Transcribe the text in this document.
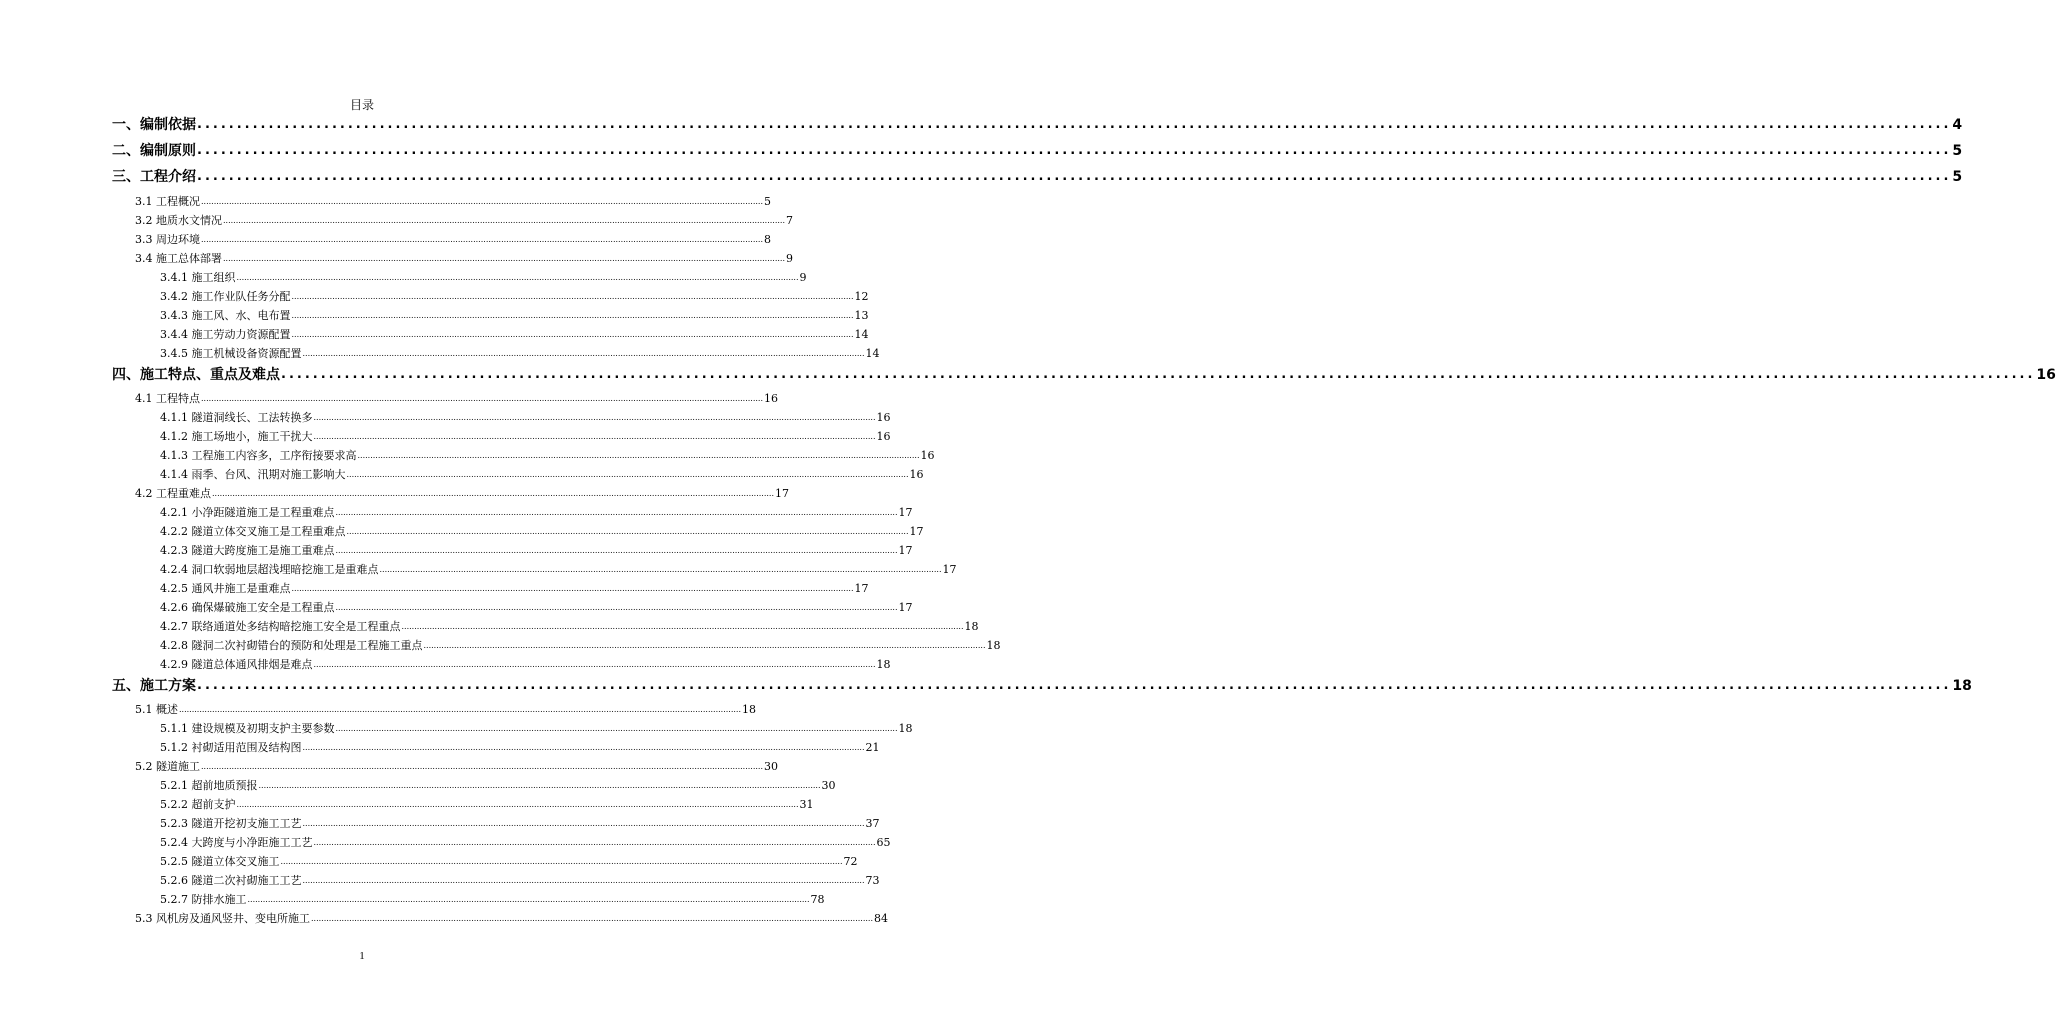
目录
一、编制依据 ............................................................................................................................................................................................................................. 4
二、编制原则 ............................................................................................................................................................................................................................. 5
三、工程介绍 ............................................................................................................................................................................................................................. 5
3.1 工程概况 ............................................................................................................................................................................................................................. 5
3.2 地质水文情况 ............................................................................................................................................................................................................................. 7
3.3 周边环境 ............................................................................................................................................................................................................................. 8
3.4 施工总体部署 ............................................................................................................................................................................................................................. 9
3.4.1 施工组织 ............................................................................................................................................................................................................................. 9
3.4.2 施工作业队任务分配 ............................................................................................................................................................................................................................. 12
3.4.3 施工风、水、电布置 ............................................................................................................................................................................................................................. 13
3.4.4 施工劳动力资源配置 ............................................................................................................................................................................................................................. 14
3.4.5 施工机械设备资源配置 ............................................................................................................................................................................................................................. 14
四、施工特点、重点及难点 ............................................................................................................................................................................................................................. 16
4.1 工程特点 ............................................................................................................................................................................................................................. 16
4.1.1 隧道洞线长、工法转换多 ............................................................................................................................................................................................................................. 16
4.1.2 施工场地小，施工干扰大 ............................................................................................................................................................................................................................. 16
4.1.3 工程施工内容多，工序衔接要求高 ............................................................................................................................................................................................................................. 16
4.1.4 雨季、台风、汛期对施工影响大 ............................................................................................................................................................................................................................. 16
4.2 工程重难点 ............................................................................................................................................................................................................................. 17
4.2.1 小净距隧道施工是工程重难点 ............................................................................................................................................................................................................................. 17
4.2.2 隧道立体交叉施工是工程重难点 ............................................................................................................................................................................................................................. 17
4.2.3 隧道大跨度施工是施工重难点 ............................................................................................................................................................................................................................. 17
4.2.4 洞口软弱地层超浅埋暗挖施工是重难点 ............................................................................................................................................................................................................................. 17
4.2.5 通风井施工是重难点 ............................................................................................................................................................................................................................. 17
4.2.6 确保爆破施工安全是工程重点 ............................................................................................................................................................................................................................. 17
4.2.7 联络通道处多结构暗挖施工安全是工程重点 ............................................................................................................................................................................................................................. 18
4.2.8 隧洞二次衬砌错台的预防和处理是工程施工重点 ............................................................................................................................................................................................................................. 18
4.2.9 隧道总体通风排烟是难点 ............................................................................................................................................................................................................................. 18
五、施工方案 ............................................................................................................................................................................................................................. 18
5.1 概述 ............................................................................................................................................................................................................................. 18
5.1.1 建设规模及初期支护主要参数 ............................................................................................................................................................................................................................. 18
5.1.2 衬砌适用范围及结构图 ............................................................................................................................................................................................................................. 21
5.2 隧道施工 ............................................................................................................................................................................................................................. 30
5.2.1 超前地质预报 ............................................................................................................................................................................................................................. 30
5.2.2 超前支护 ............................................................................................................................................................................................................................. 31
5.2.3 隧道开挖初支施工工艺 ............................................................................................................................................................................................................................. 37
5.2.4 大跨度与小净距施工工艺 ............................................................................................................................................................................................................................. 65
5.2.5 隧道立体交叉施工 ............................................................................................................................................................................................................................. 72
5.2.6 隧道二次衬砌施工工艺 ............................................................................................................................................................................................................................. 73
5.2.7 防排水施工 ............................................................................................................................................................................................................................. 78
5.3 风机房及通风竖井、变电所施工 ............................................................................................................................................................................................................................. 84
1
